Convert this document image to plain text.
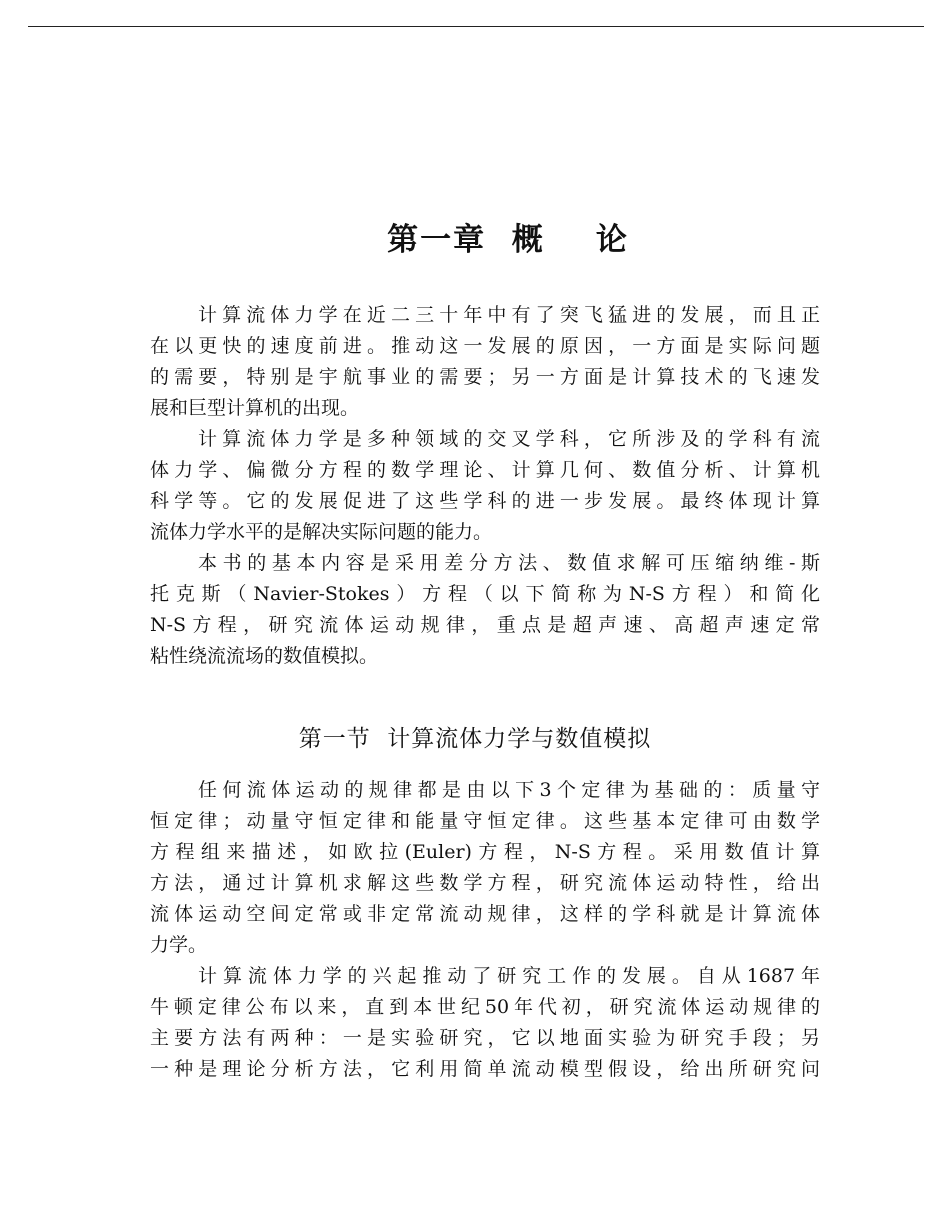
第一章  概    论
计算流体力学在近二三十年中有了突飞猛进的发展，而且正
在以更快的速度前进。推动这一发展的原因，一方面是实际问题
的需要，特别是宇航事业的需要；另一方面是计算技术的飞速发
展和巨型计算机的出现。
计算流体力学是多种领域的交叉学科，它所涉及的学科有流
体力学、偏微分方程的数学理论、计算几何、数值分析、计算机
科学等。它的发展促进了这些学科的进一步发展。最终体现计算
流体力学水平的是解决实际问题的能力。
本书的基本内容是采用差分方法、数值求解可压缩纳维-斯
托克斯（Navier-Stokes）方程（以下简称为N-S方程）和简化
N-S方程，研究流体运动规律，重点是超声速、高超声速定常
粘性绕流流场的数值模拟。
第一节  计算流体力学与数值模拟
任何流体运动的规律都是由以下3个定律为基础的：质量守
恒定律；动量守恒定律和能量守恒定律。这些基本定律可由数学
方程组来描述，如欧拉(Euler)方程，N-S方程。采用数值计算
方法，通过计算机求解这些数学方程，研究流体运动特性，给出
流体运动空间定常或非定常流动规律，这样的学科就是计算流体
力学。
计算流体力学的兴起推动了研究工作的发展。自从1687年
牛顿定律公布以来，直到本世纪50年代初，研究流体运动规律的
主要方法有两种：一是实验研究，它以地面实验为研究手段；另
一种是理论分析方法，它利用简单流动模型假设，给出所研究问
